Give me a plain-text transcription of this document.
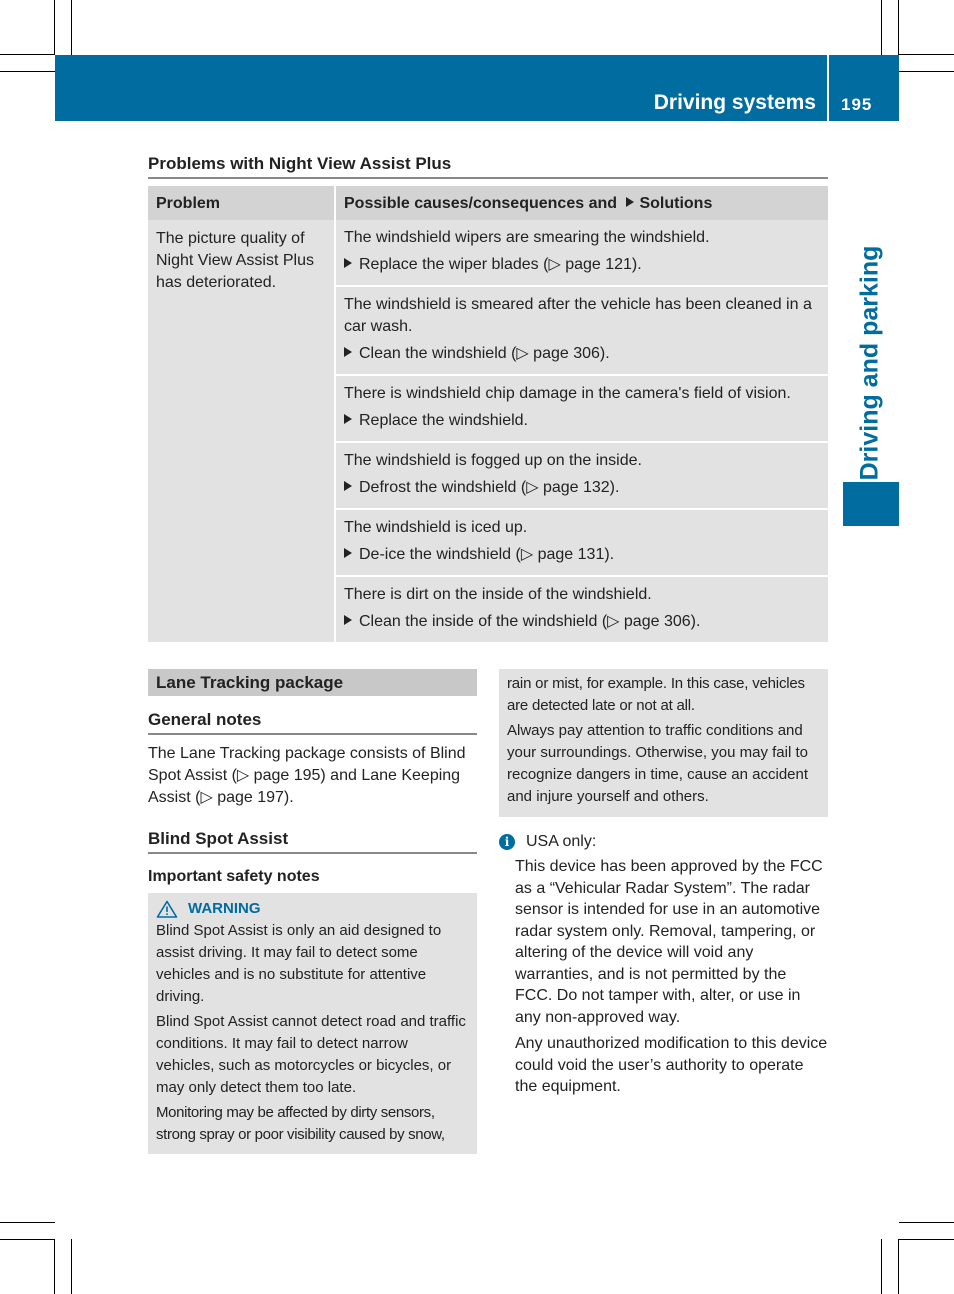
Driving systems 195
Driving and parking
Problems with Night View Assist Plus
Problem	Possible causes/consequences and Solutions
The picture quality of Night View Assist Plus has deteriorated.
The windshield wipers are smearing the windshield.
Replace the wiper blades (▷ page 121).
The windshield is smeared after the vehicle has been cleaned in a car wash.
Clean the windshield (▷ page 306).
There is windshield chip damage in the camera's field of vision.
Replace the windshield.
The windshield is fogged up on the inside.
Defrost the windshield (▷ page 132).
The windshield is iced up.
De-ice the windshield (▷ page 131).
There is dirt on the inside of the windshield.
Clean the inside of the windshield (▷ page 306).
Lane Tracking package
General notes
The Lane Tracking package consists of Blind Spot Assist (▷ page 195) and Lane Keeping Assist (▷ page 197).
Blind Spot Assist
Important safety notes
WARNING

Blind Spot Assist is only an aid designed to assist driving. It may fail to detect some vehicles and is no substitute for attentive driving.

Blind Spot Assist cannot detect road and traffic conditions. It may fail to detect narrow vehicles, such as motorcycles or bicycles, or may only detect them too late.

Monitoring may be affected by dirty sensors, strong spray or poor visibility caused by snow,

rain or mist, for example. In this case, vehicles are detected late or not at all.

Always pay attention to traffic conditions and your surroundings. Otherwise, you may fail to recognize dangers in time, cause an accident and injure yourself and others.

i	USA only:
This device has been approved by the FCC as a “Vehicular Radar System”. The radar sensor is intended for use in an automotive radar system only. Removal, tampering, or altering of the device will void any warranties, and is not permitted by the FCC. Do not tamper with, alter, or use in any non-approved way.
Any unauthorized modification to this device could void the user’s authority to operate the equipment.
